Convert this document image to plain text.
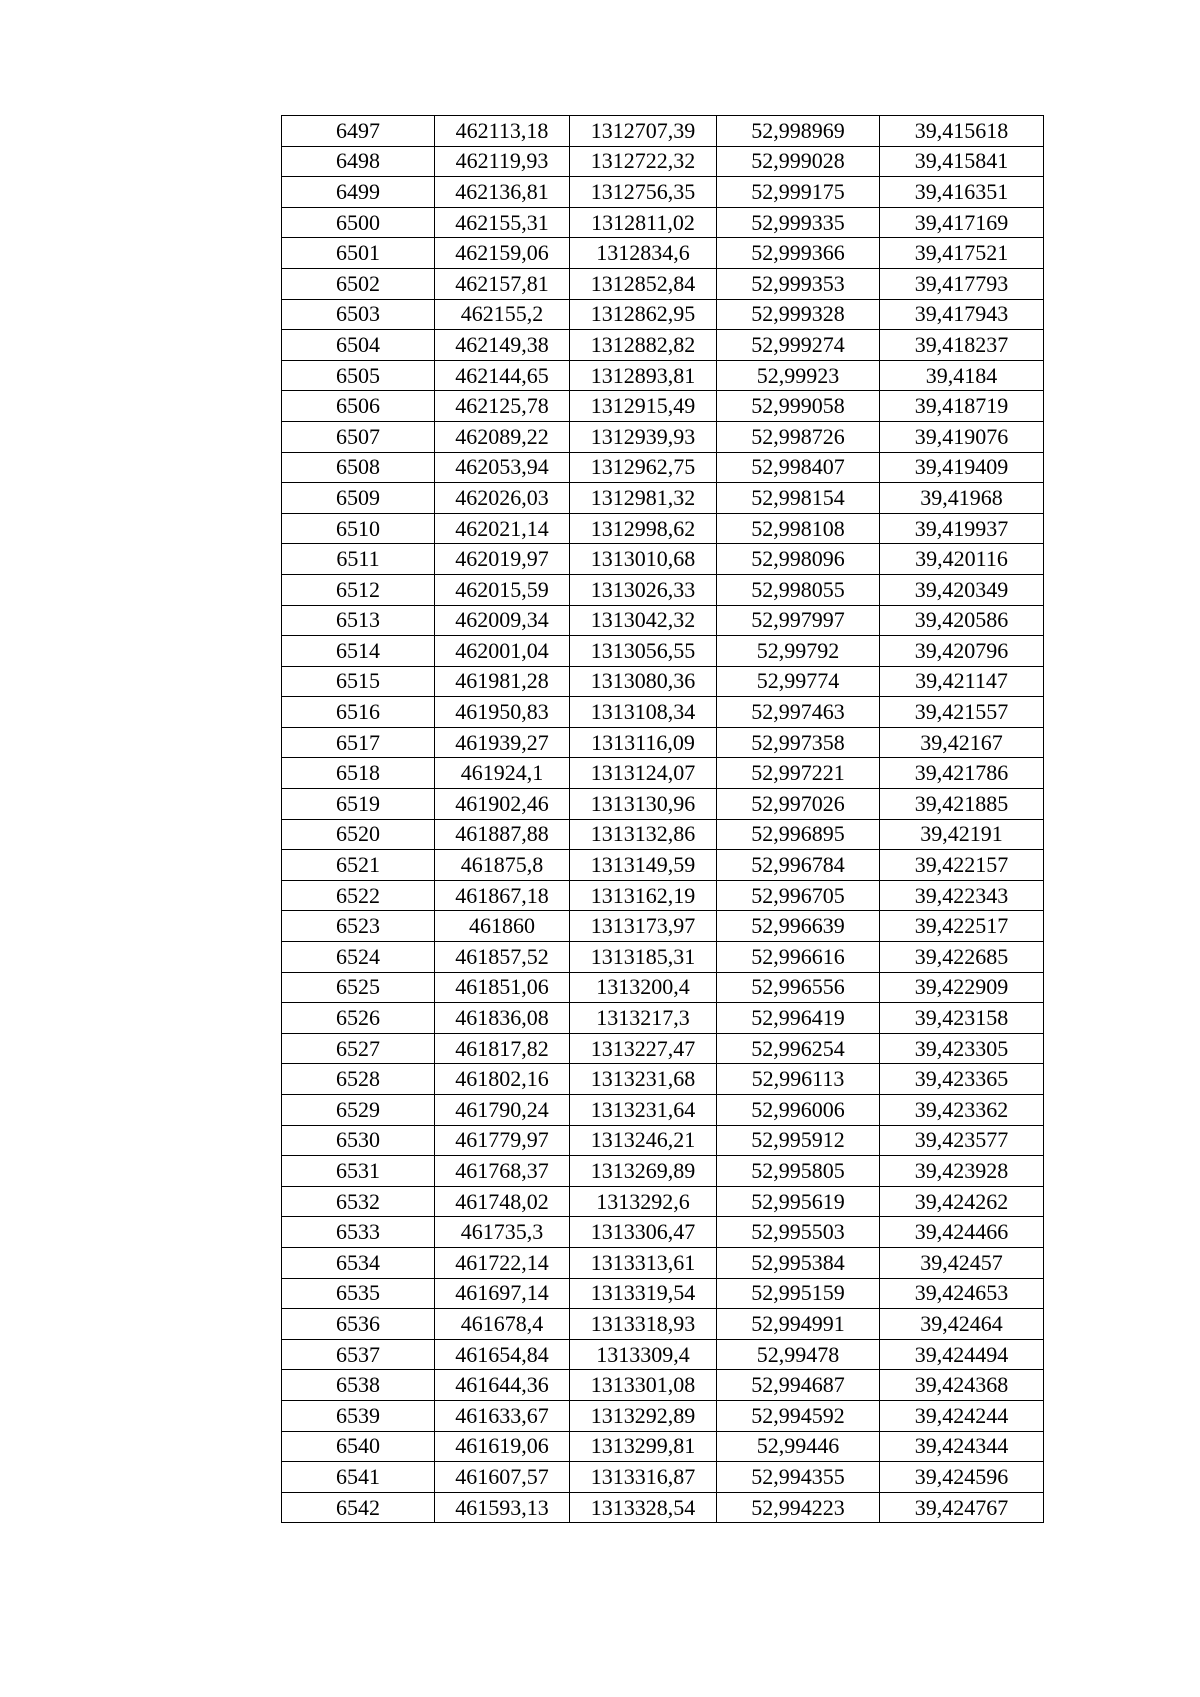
6497	462113,18	1312707,39	52,998969	39,415618
6498	462119,93	1312722,32	52,999028	39,415841
6499	462136,81	1312756,35	52,999175	39,416351
6500	462155,31	1312811,02	52,999335	39,417169
6501	462159,06	1312834,6	52,999366	39,417521
6502	462157,81	1312852,84	52,999353	39,417793
6503	462155,2	1312862,95	52,999328	39,417943
6504	462149,38	1312882,82	52,999274	39,418237
6505	462144,65	1312893,81	52,99923	39,4184
6506	462125,78	1312915,49	52,999058	39,418719
6507	462089,22	1312939,93	52,998726	39,419076
6508	462053,94	1312962,75	52,998407	39,419409
6509	462026,03	1312981,32	52,998154	39,41968
6510	462021,14	1312998,62	52,998108	39,419937
6511	462019,97	1313010,68	52,998096	39,420116
6512	462015,59	1313026,33	52,998055	39,420349
6513	462009,34	1313042,32	52,997997	39,420586
6514	462001,04	1313056,55	52,99792	39,420796
6515	461981,28	1313080,36	52,99774	39,421147
6516	461950,83	1313108,34	52,997463	39,421557
6517	461939,27	1313116,09	52,997358	39,42167
6518	461924,1	1313124,07	52,997221	39,421786
6519	461902,46	1313130,96	52,997026	39,421885
6520	461887,88	1313132,86	52,996895	39,42191
6521	461875,8	1313149,59	52,996784	39,422157
6522	461867,18	1313162,19	52,996705	39,422343
6523	461860	1313173,97	52,996639	39,422517
6524	461857,52	1313185,31	52,996616	39,422685
6525	461851,06	1313200,4	52,996556	39,422909
6526	461836,08	1313217,3	52,996419	39,423158
6527	461817,82	1313227,47	52,996254	39,423305
6528	461802,16	1313231,68	52,996113	39,423365
6529	461790,24	1313231,64	52,996006	39,423362
6530	461779,97	1313246,21	52,995912	39,423577
6531	461768,37	1313269,89	52,995805	39,423928
6532	461748,02	1313292,6	52,995619	39,424262
6533	461735,3	1313306,47	52,995503	39,424466
6534	461722,14	1313313,61	52,995384	39,42457
6535	461697,14	1313319,54	52,995159	39,424653
6536	461678,4	1313318,93	52,994991	39,42464
6537	461654,84	1313309,4	52,99478	39,424494
6538	461644,36	1313301,08	52,994687	39,424368
6539	461633,67	1313292,89	52,994592	39,424244
6540	461619,06	1313299,81	52,99446	39,424344
6541	461607,57	1313316,87	52,994355	39,424596
6542	461593,13	1313328,54	52,994223	39,424767
